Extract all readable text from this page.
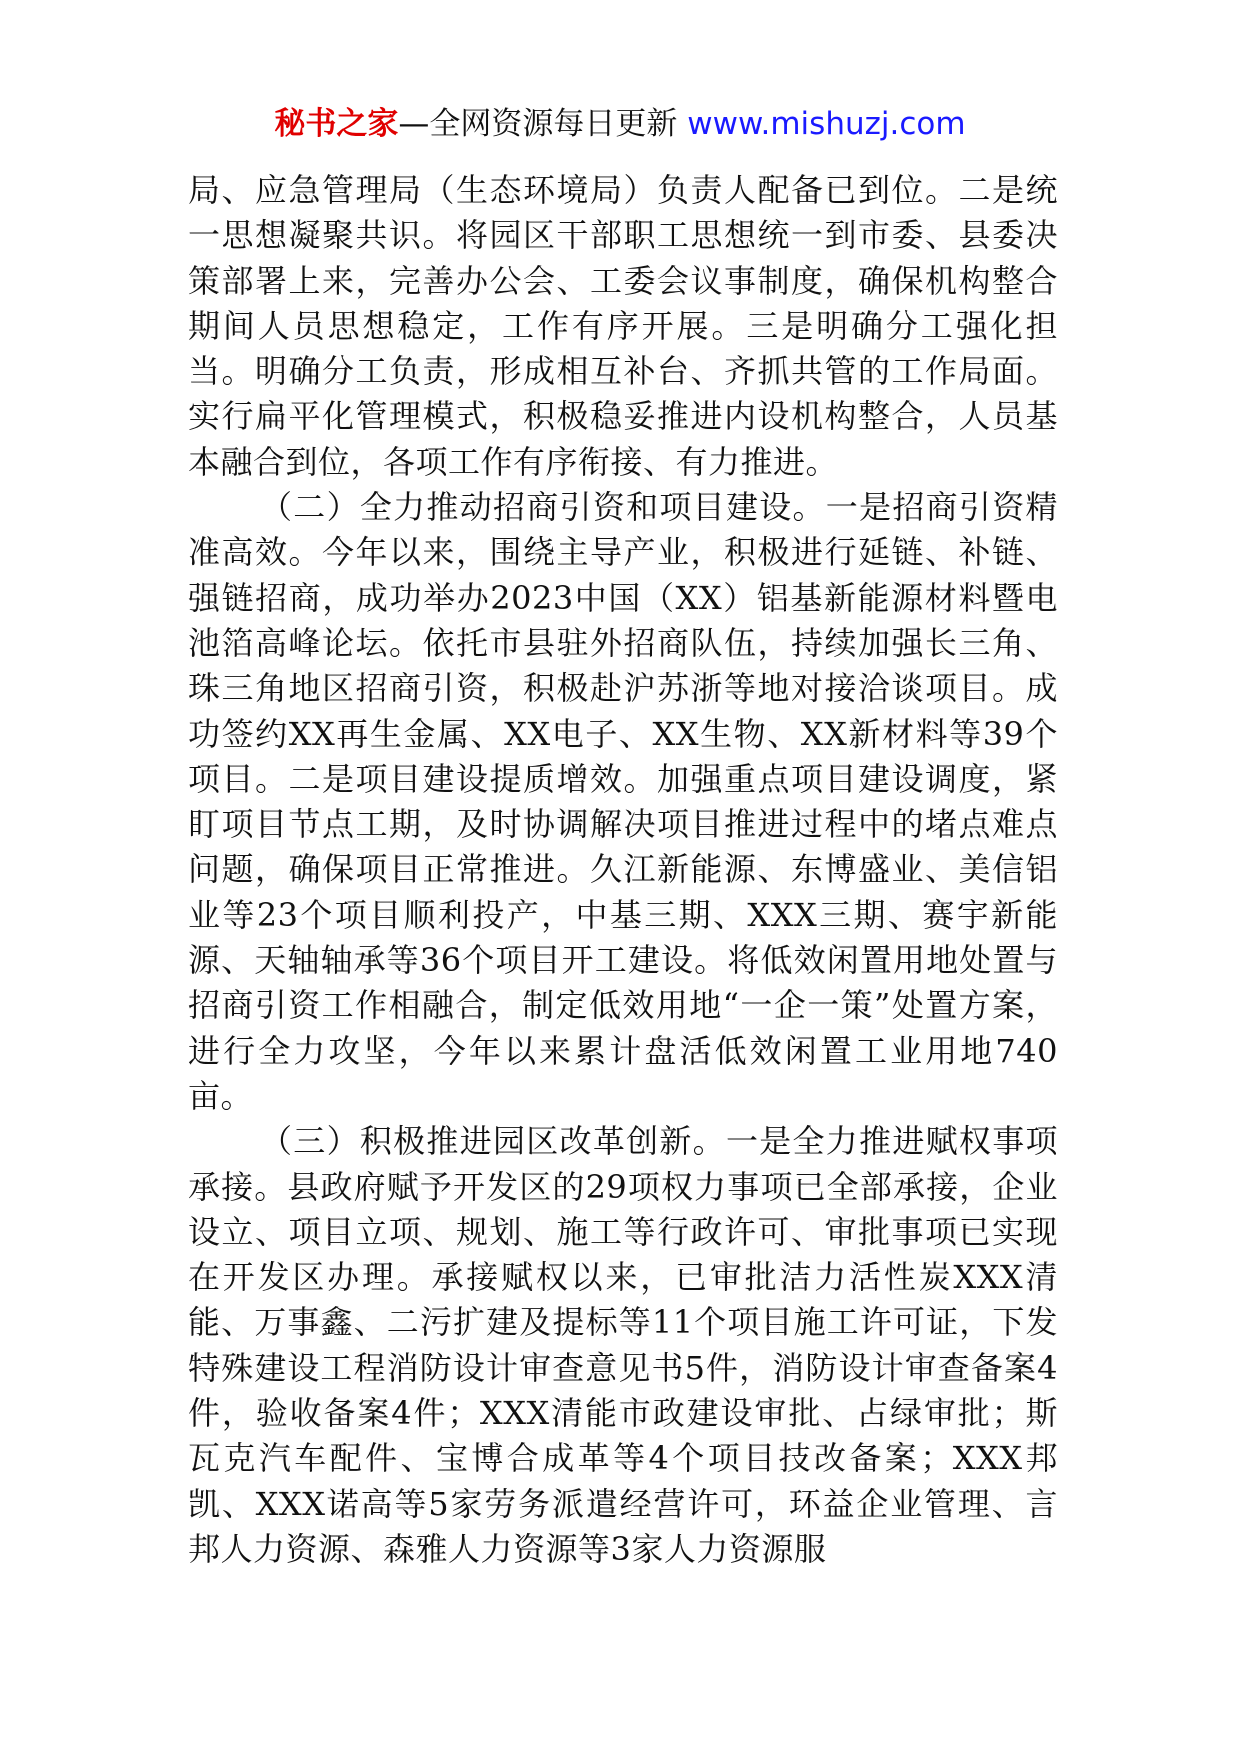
秘书之家—全网资源每日更新 www.mishuzj.com

局、应急管理局（生态环境局）负责人配备已到位。二是统一思想凝聚共识。将园区干部职工思想统一到市委、县委决策部署上来，完善办公会、工委会议事制度，确保机构整合期间人员思想稳定，工作有序开展。三是明确分工强化担当。明确分工负责，形成相互补台、齐抓共管的工作局面。实行扁平化管理模式，积极稳妥推进内设机构整合，人员基本融合到位，各项工作有序衔接、有力推进。

（二）全力推动招商引资和项目建设。一是招商引资精准高效。今年以来，围绕主导产业，积极进行延链、补链、强链招商，成功举办2023中国（XX）铝基新能源材料暨电池箔高峰论坛。依托市县驻外招商队伍，持续加强长三角、珠三角地区招商引资，积极赴沪苏浙等地对接洽谈项目。成功签约XX再生金属、XX电子、XX生物、XX新材料等39个项目。二是项目建设提质增效。加强重点项目建设调度，紧盯项目节点工期，及时协调解决项目推进过程中的堵点难点问题，确保项目正常推进。久江新能源、东博盛业、美信铝业等23个项目顺利投产，中基三期、XXX三期、赛宇新能源、天轴轴承等36个项目开工建设。将低效闲置用地处置与招商引资工作相融合，制定低效用地“一企一策”处置方案，进行全力攻坚，今年以来累计盘活低效闲置工业用地740亩。

（三）积极推进园区改革创新。一是全力推进赋权事项承接。县政府赋予开发区的29项权力事项已全部承接，企业设立、项目立项、规划、施工等行政许可、审批事项已实现在开发区办理。承接赋权以来，已审批洁力活性炭XXX清能、万事鑫、二污扩建及提标等11个项目施工许可证，下发特殊建设工程消防设计审查意见书5件，消防设计审查备案4件，验收备案4件；XXX清能市政建设审批、占绿审批；斯瓦克汽车配件、宝博合成革等4个项目技改备案；XXX邦凯、XXX诺高等5家劳务派遣经营许可，环益企业管理、言邦人力资源、森雅人力资源等3家人力资源服
